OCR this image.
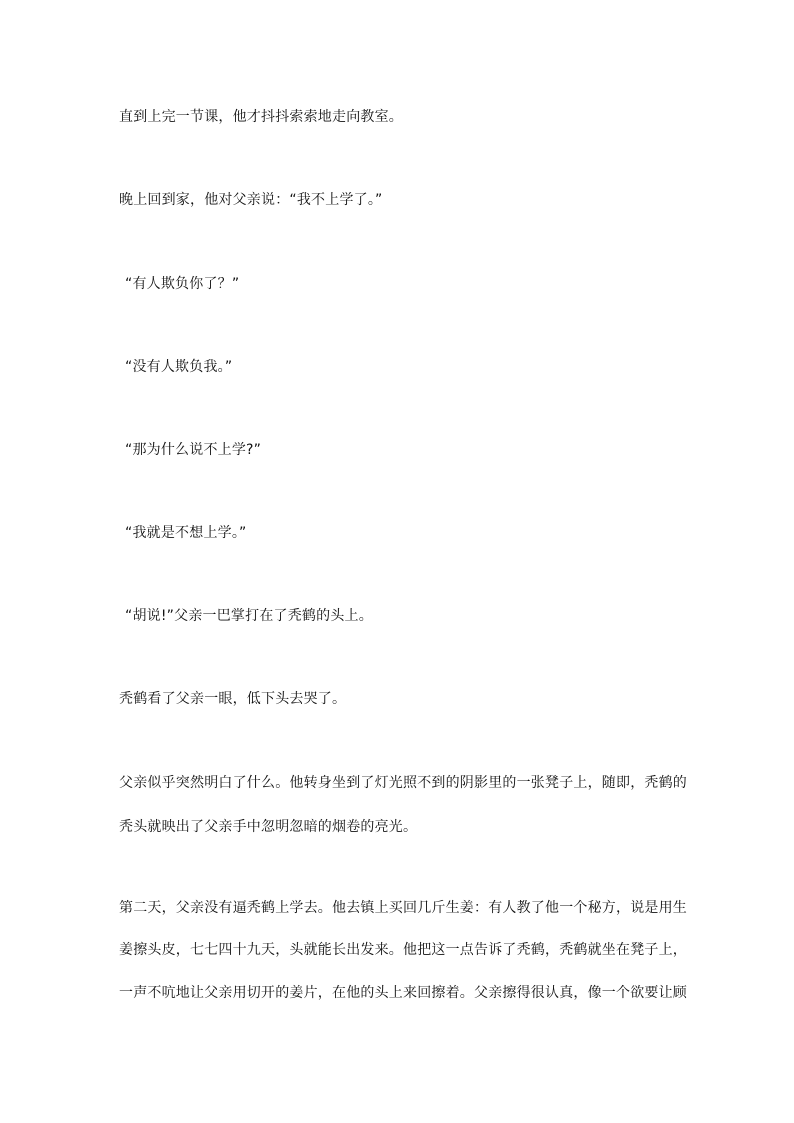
直到上完一节课，他才抖抖索索地走向教室。
晚上回到家，他对父亲说：“我不上学了。”
“有人欺负你了？”
“没有人欺负我。”
“那为什么说不上学?”
“我就是不想上学。”
“胡说!”父亲一巴掌打在了秃鹤的头上。
秃鹤看了父亲一眼，低下头去哭了。
父亲似乎突然明白了什么。他转身坐到了灯光照不到的阴影里的一张凳子上，随即，秃鹤的
秃头就映出了父亲手中忽明忽暗的烟卷的亮光。
第二天，父亲没有逼秃鹤上学去。他去镇上买回几斤生姜：有人教了他一个秘方，说是用生
姜擦头皮，七七四十九天，头就能长出发来。他把这一点告诉了秃鹤，秃鹤就坐在凳子上，
一声不吭地让父亲用切开的姜片，在他的头上来回擦着。父亲擦得很认真，像一个欲要让顾
